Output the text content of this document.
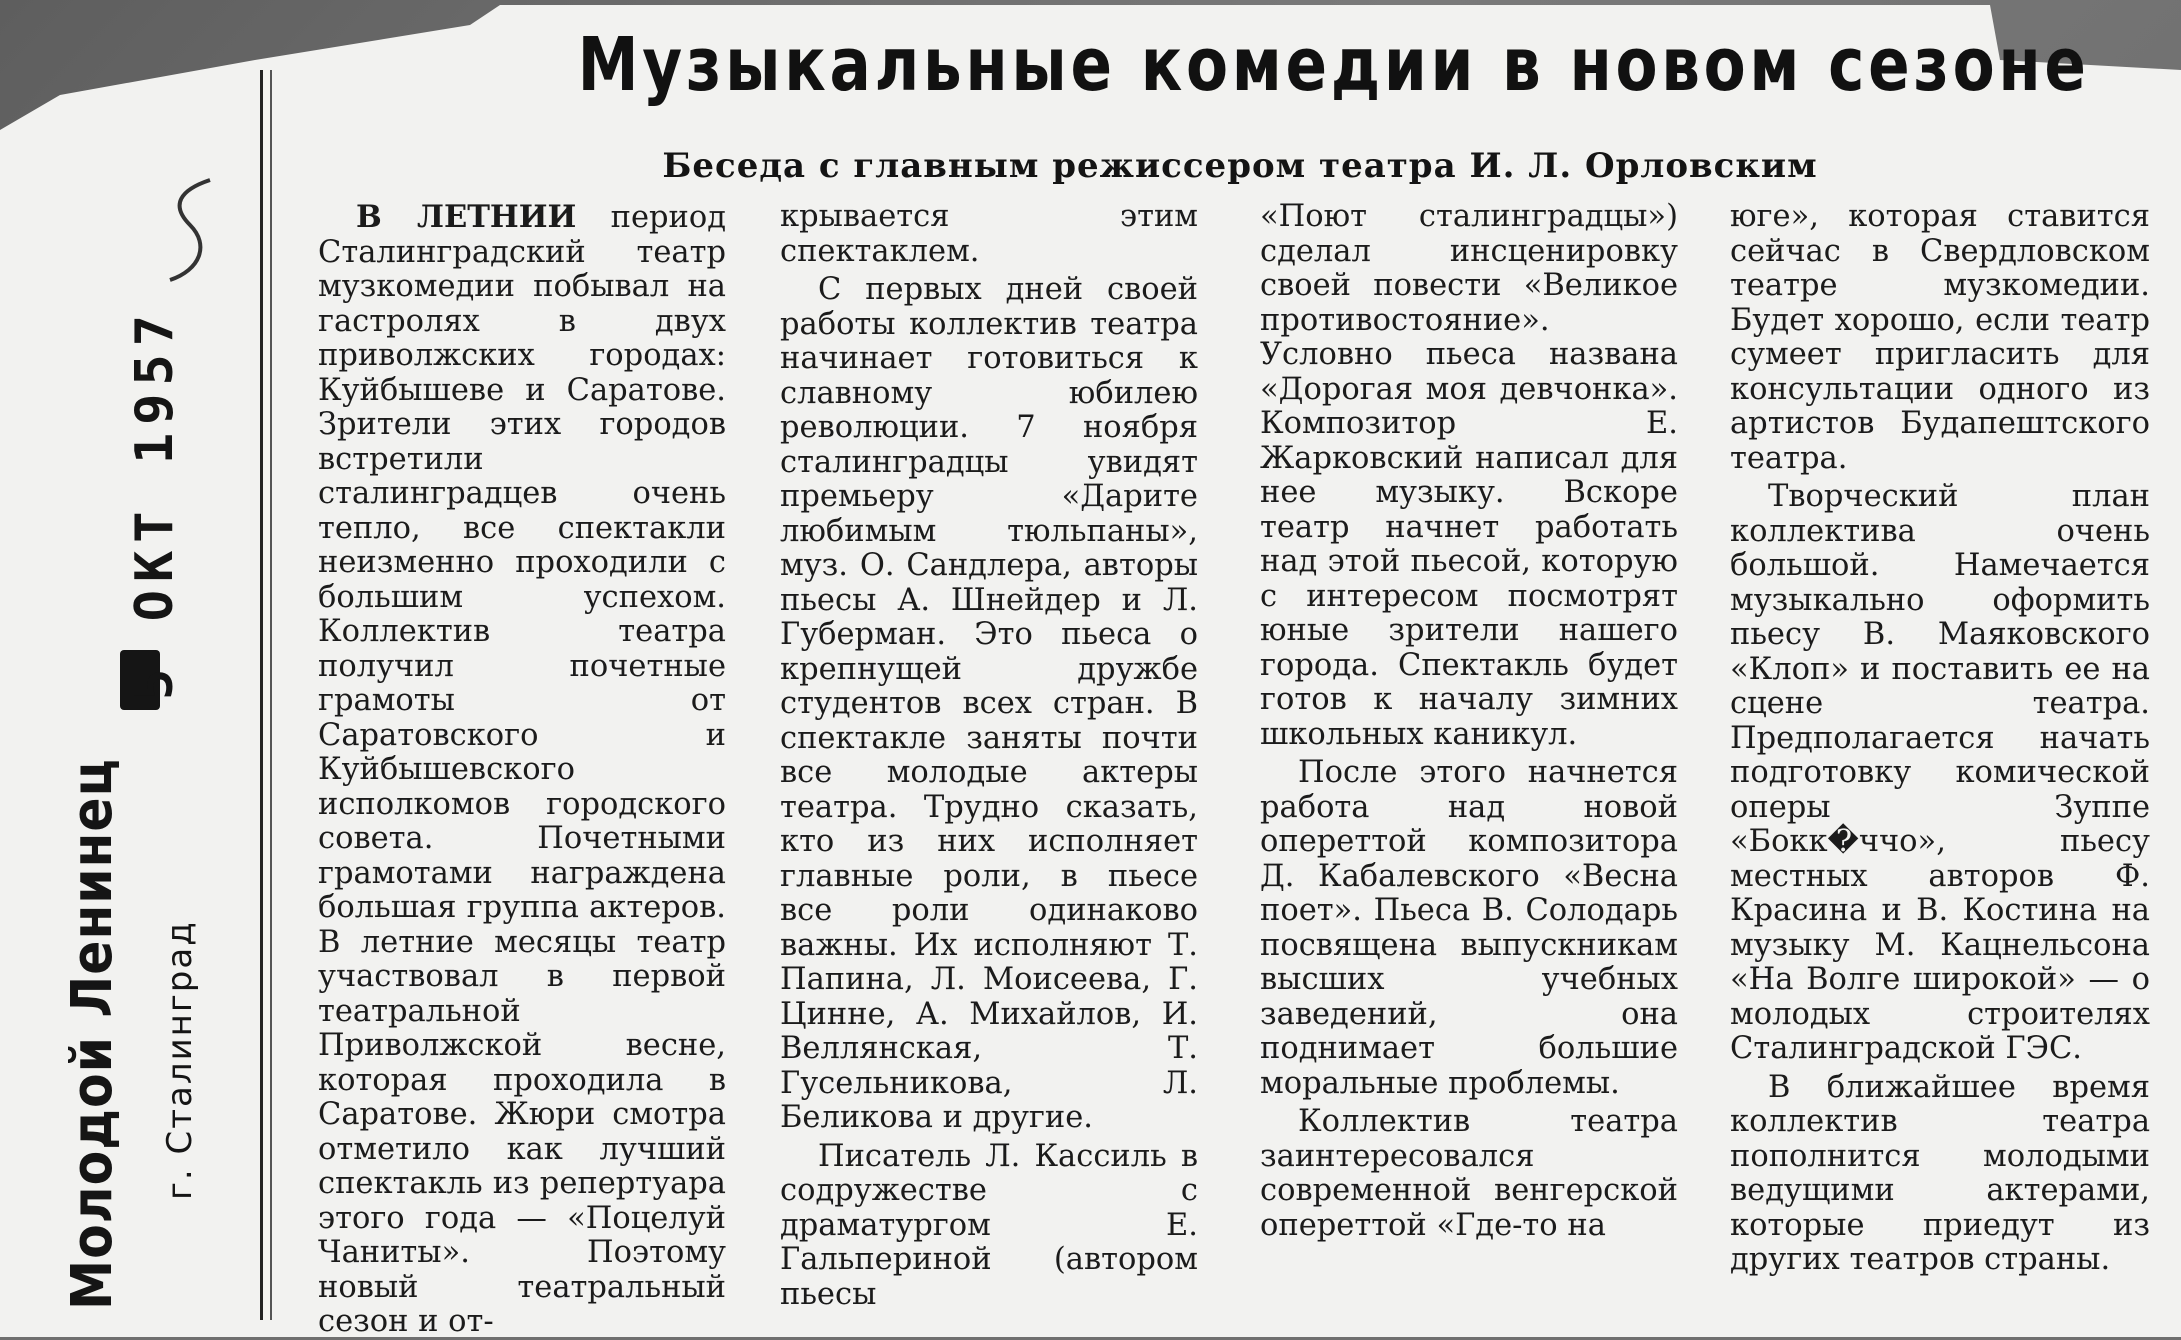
Музыкальные комедии в новом сезоне
Беседа с главным режиссером театра И. Л. Орловским
Молодой Ленинец г. Сталинград
5 ОКТ 1957

В ЛЕТНИИ период Сталинградский театр музкомедии побывал на гастролях в двух приволжских городах: Куйбышеве и Саратове. Зрители этих городов встретили сталинградцев очень тепло, все спектакли неизменно проходили с большим успехом. Коллектив театра получил почетные грамоты от Саратовского и Куйбышевского исполкомов городского совета. Почетными грамотами награждена большая группа актеров. В летние месяцы театр участвовал в первой театральной Приволжской весне, которая проходила в Саратове. Жюри смотра отметило как лучший спектакль из репертуара этого года — «Поцелуй Чаниты». Поэтому новый театральный сезон и от-

крывается этим спектаклем.

С первых дней своей работы коллектив театра начинает готовиться к славному юбилею революции. 7 ноября сталинградцы увидят премьеру «Дарите любимым тюльпаны», муз. О. Сандлера, авторы пьесы А. Шнейдер и Л. Губерман. Это пьеса о крепнущей дружбе студентов всех стран. В спектакле заняты почти все молодые актеры театра. Трудно сказать, кто из них исполняет главные роли, в пьесе все роли одинаково важны. Их исполняют Т. Папина, Л. Моисеева, Г. Цинне, А. Михайлов, И. Веллянская, Т. Гусельникова, Л. Беликова и другие.

Писатель Л. Кассиль в содружестве с драматургом Е. Гальпериной (автором пьесы

«Поют сталинградцы») сделал инсценировку своей повести «Великое противостояние». Условно пьеса названа «Дорогая моя девчонка». Композитор Е. Жарковский написал для нее музыку. Вскоре театр начнет работать над этой пьесой, которую с интересом посмотрят юные зрители нашего города. Спектакль будет готов к началу зимних школьных каникул.

После этого начнется работа над новой опереттой композитора Д. Кабалевского «Весна поет». Пьеса В. Солодарь посвящена выпускникам высших учебных заведений, она поднимает большие моральные проблемы.

Коллектив театра заинтересовался современной венгерской опереттой «Где-то на

юге», которая ставится сейчас в Свердловском театре музкомедии. Будет хорошо, если театр сумеет пригласить для консультации одного из артистов Будапештского театра.

Творческий план коллектива очень большой. Намечается музыкально оформить пьесу В. Маяковского «Клоп» и поставить ее на сцене театра. Предполагается начать подготовку комической оперы Зуппе «Бокк�ччо», пьесу местных авторов Ф. Красина и В. Костина на музыку М. Кацнельсона «На Волге широкой» — о молодых строителях Сталинградской ГЭС.

В ближайшее время коллектив театра пополнится молодыми ведущими актерами, которые приедут из других театров страны.
